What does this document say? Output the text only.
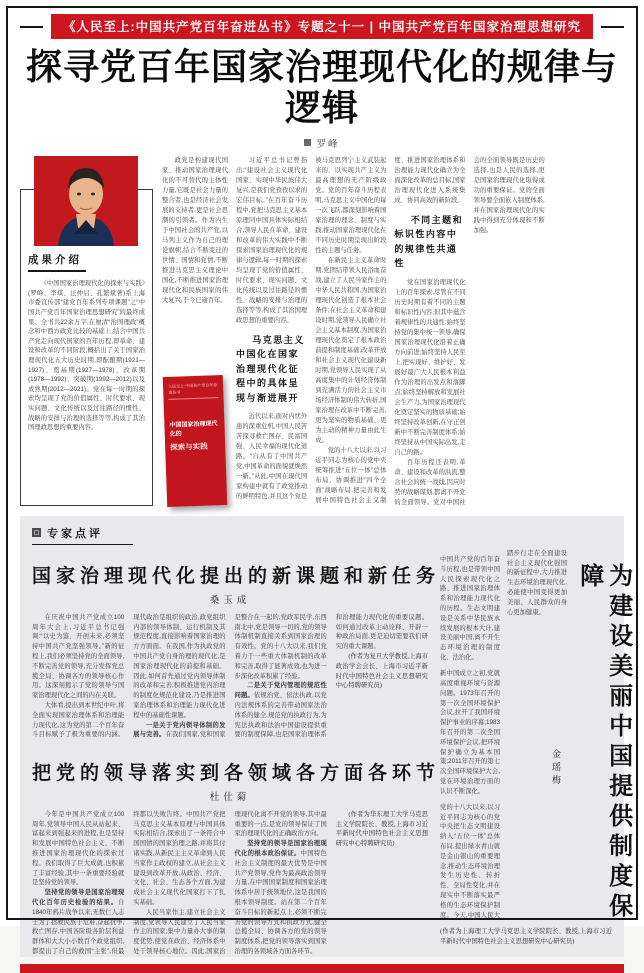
《人民至上:中国共产党百年奋进丛书》专题之十一 | 中国共产党百年国家治理思想研究
探寻党百年国家治理现代化的规律与逻辑
罗峰
成果介绍
《中国国家治理现代化的探索与实践》(罗峰、李琪、汪仲启、孔繁斌著)系上海市委宣传部“建党百年系列专项课题”之“中国共产党百年国家治理思想研究”的最终成果。全书共22余万字,在厘清“治国理政”概念和中西方政党比较的基础上,结合中国共产党走向现代国家的百年历程,即革命、建设和改革的不同阶段,概括出了关于国家治理现代化五大历史时期,即酝酿期(1921—1927)、奠基期(1927—1978)、改革期(1978—1992)、突破期(1992—2012)以及成熟期(2012—2021)。党在每一时期的探索均呈现了党的价值属性、时代要求、现实问题、文化传统以及过往路径的惯性、战略的安排与治理的选择等等,构成了其治国理政思想的重要内容。

政党是构建现代国家、推动国家治理现代化的不可替代的主体性力量,它既是社会力量的整合者,也是经济社会发展的支持者,更是社会思潮的引领者。作为内生于中国社会的共产党,以马列主义作为自己的理论旗帜,结合不断变迁的世情、国情和党情,不断推进马克思主义理论中国化,不断推进国家治理现代化和民族国家的伟大复兴,于今已逾百年。

人民至上:中国共产党百年奋进丛书
中国国家治理现代化的
探索与实践

习近平总书记曾指出:“建设社会主义现代化国家、实现中华民族伟大复兴,是我们党孜孜以求的宏伟目标。”在百年奋斗历程中,党把马克思主义基本原理同中国具体实际相结合,领导人民在革命、建设和改革的伟大实践中不断探索国家治理现代化的规律与逻辑,每一时期的探索均呈现了党的价值属性、时代要求、现实问题、文化传统以及过往路径的惯性、战略的安排与治理的选择等等,构成了其治国理政思想的重要内容。

马克思主义中国化在国家治理现代化征程中的具体呈现与渐进展开

近代以来,面对内忧外患的深重危机,中国人民苦苦探寻救亡图存、民富国强、人民幸福的现代化道路。“自从有了中国共产党,中国革命的面貌就焕然一新。”从此,中国在现代国家构建中就有了政党推动的鲜明特色,并且这个党是被马克思列宁主义武装起来的、以实现共产主义为最高理想的无产阶级政党。党的百年奋斗历程表明,马克思主义中国化的每一次飞跃,都深刻影响着国家治理的理念、制度与实践,推动国家治理现代化在不同历史时期呈现出阶段性的主题与任务。

在新民主主义革命时期,党团结带领人民浴血奋战,建立了人民当家作主的中华人民共和国,为国家治理现代化创造了根本社会条件;在社会主义革命和建设时期,党领导人民确立社会主义基本制度,为国家治理现代化奠定了根本政治前提和制度基础;改革开放和社会主义现代化建设新时期,党领导人民实现了从高度集中的计划经济体制到充满活力的社会主义市场经济体制的伟大转折,国家治理在改革中不断完善,更为坚实的物质基础、更为主动的精神力量由此生成。

党的十八大以来,以习近平同志为核心的党中央统筹推进“五位一体”总体布局、协调推进“四个全面”战略布局,把完善和发展中国特色社会主义制度、推进国家治理体系和治理能力现代化确立为全面深化改革的总目标,国家治理现代化进入系统集成、协同高效的新阶段。

不同主题和标识性内容中的规律性共通性

党在国家治理现代化上的百年探索,尽管在不同历史时期有着不同的主题和标识性内容,但其中蕴含着规律性的共通性:始终坚持党的集中统一领导,确保国家治理现代化沿着正确方向前进;始终坚持人民至上,把实现好、维护好、发展好最广大人民根本利益作为治理的出发点和落脚点;始终坚持解放和发展社会生产力,为国家治理现代化奠定坚实的物质基础;始终坚持改革创新,在守正创新中不断完善制度体系;始终坚持从中国实际出发,走自己的路。

百年历程还表明,革命、建设和改革的洪流,整合社会的统一战线,因应时势的战略谋划,都离不开党的全面领导。党对中国社会的全面领导既是历史的选择,也是人民的选择,更是国家治理现代化取得成功的重要保证。党的全面领导要全面嵌入制度体系,并在国家治理现代化的实践中得到充分体现和不断加强。

专家点评
国家治理现代化提出的新课题和新任务
桑玉成

在庆祝中国共产党成立100周年大会上,习近平总书记强调:“以史为鉴、开创未来,必须坚持中国共产党坚强领导。”新的征程上,我们必须坚持党的全面领导,不断完善党的领导,充分发挥党总揽全局、协调各方的领导核心作用。这深刻揭示了党的领导与国家治理现代化之间的内在关联。

大体看,提出到本世纪中叶,将全面实现国家治理体系和治理能力现代化,这为党的第二个百年奋斗目标赋予了极为重要的内涵。现代政治是组织的政治,政党组织内部的领导体制、运行机制及其规范程度,直接影响着国家治理的方方面面。在我国,作为执政党的中国共产党自身治理的现代化,是国家治理现代化的前提和基础。因此,如何首先通过党内领导体制的改革和完善,积极推进党内治理的制度化规范化建设,乃是推进国家治理体系和治理能力现代化进程中的基础性课题。

一是关于党内领导体制的发展与完善。在我们国家,党和国家是整合在一起的,党政军民学,东西南北中,党是领导一切的,党的领导体制机制直接关系到国家治理的有效性。党的十八大以来,我们党着力于一些重大体制机制的改革和完善,取得了显著成效,也为进一步深化改革积累了经验。

二是关于党内管理的规范性问题。依规治党、依法执政,以党内法规体系的完善带动国家法治体系的健全,规范党的执政行为,为宪法执政和法治中国建设提供重要的制度保障,也是国家治理体系和治理能力现代化的重要议题。如何通过改革主动诠释、开辟一种政治局面,更是迫切需要我们研究的重大课题。

(作者为复旦大学教授,上海市政治学会会长、上海市习近平新时代中国特色社会主义思想研究中心特聘研究员)

把党的领导落实到各领域各方面各环节
杜仕菊

今年是中国共产党成立100周年,党领导中国人民从站起来、富起来到强起来的进程,也是坚持和发展中国特色社会主义、不断推进国家治理现代化的探索过程。我们取得了巨大成就,也积累了丰富经验,其中一条重要经验就是坚持党的领导。

坚持党的领导是国家治理现代化百年历史检验的结果。自1840年鸦片战争以来,无数仁人志士为了拯救民族于危难,奋起抗争,救亡图存,中国各阶级各阶层利益群体和大大小小数百个政党组织,都提出了自己的救国“主张”,但最终都以失败告终。中国共产党把马克思主义基本原理与中国具体实际相结合,探索出了一条符合中国国情的国家治理之路,并将其付诸实践,从新民主主义革命到人民当家作主政权的建立,从社会主义建设到改革开放,从政治、经济、文化、社会、生态各个方面,为建成社会主义现代化国家打下了扎实基础。

人民当家作主,建立社会主义制度,党领导人民建立了人民当家作主的国家;集中力量办大事的制度优势,使党在政治、经济体系中处于领导核心地位。因此,国家治理现代化离不开党的领导,其中最重要的一点,是党的领导保证了国家治理现代化的正确政治方向。

坚持党的领导是国家治理现代化的根本政治保证。中国特色社会主义制度的最大优势是中国共产党领导,党作为最高政治领导力量,在中国国家制度和国家治理体系中居于统领地位,这是我国的根本领导制度。站在第二个百年奋斗目标的新起点上,必须不断完善党的领导方式和执政方式,健全总揽全局、协调各方的党的领导制度体系,把党的领导落实到国家治理的各领域各方面各环节。

(作者为华东理工大学马克思主义学院院长、教授,上海市习近平新时代中国特色社会主义思想研究中心特聘研究员)

中国共产党的百年奋斗历程,也是带领中国人民探索现代化之路、推进国家治理体系和治理能力现代化的历程。生态文明建设是关系中华民族永续发展的根本大计,建设美丽中国,离不开生态环境治理的制度化、法治化。

新中国成立之初,党就高度重视环境与资源问题。1973年召开的第一次全国环境保护会议,拉开了我国环境保护事业的序幕;1983年召开的第二次全国环境保护会议,把环境保护确立为基本国策;2011年召开的第七次全国环境保护大会,党在环境治理方面的认识不断深化。

党的十八大以来,以习近平同志为核心的党中央把生态文明建设纳入“五位一体”总体布局,提出绿水青山就是金山银山的重要理念,推动生态环境治理发生历史性、转折性、全局性变化,并在现实中不断落实最严格的生态环境保护制度。今天,中国人民大踏步行走在全面建设社会主义现代化强国的新征程中,大力推进生态环境治理现代化,必能使中国变得更加美丽、人民群众的身心更加健康。	为建设美丽中国提供制度保障
金瑶梅
(作者为上海理工大学马克思主义学院院长、教授,上海市习近平新时代中国特色社会主义思想研究中心研究员)
